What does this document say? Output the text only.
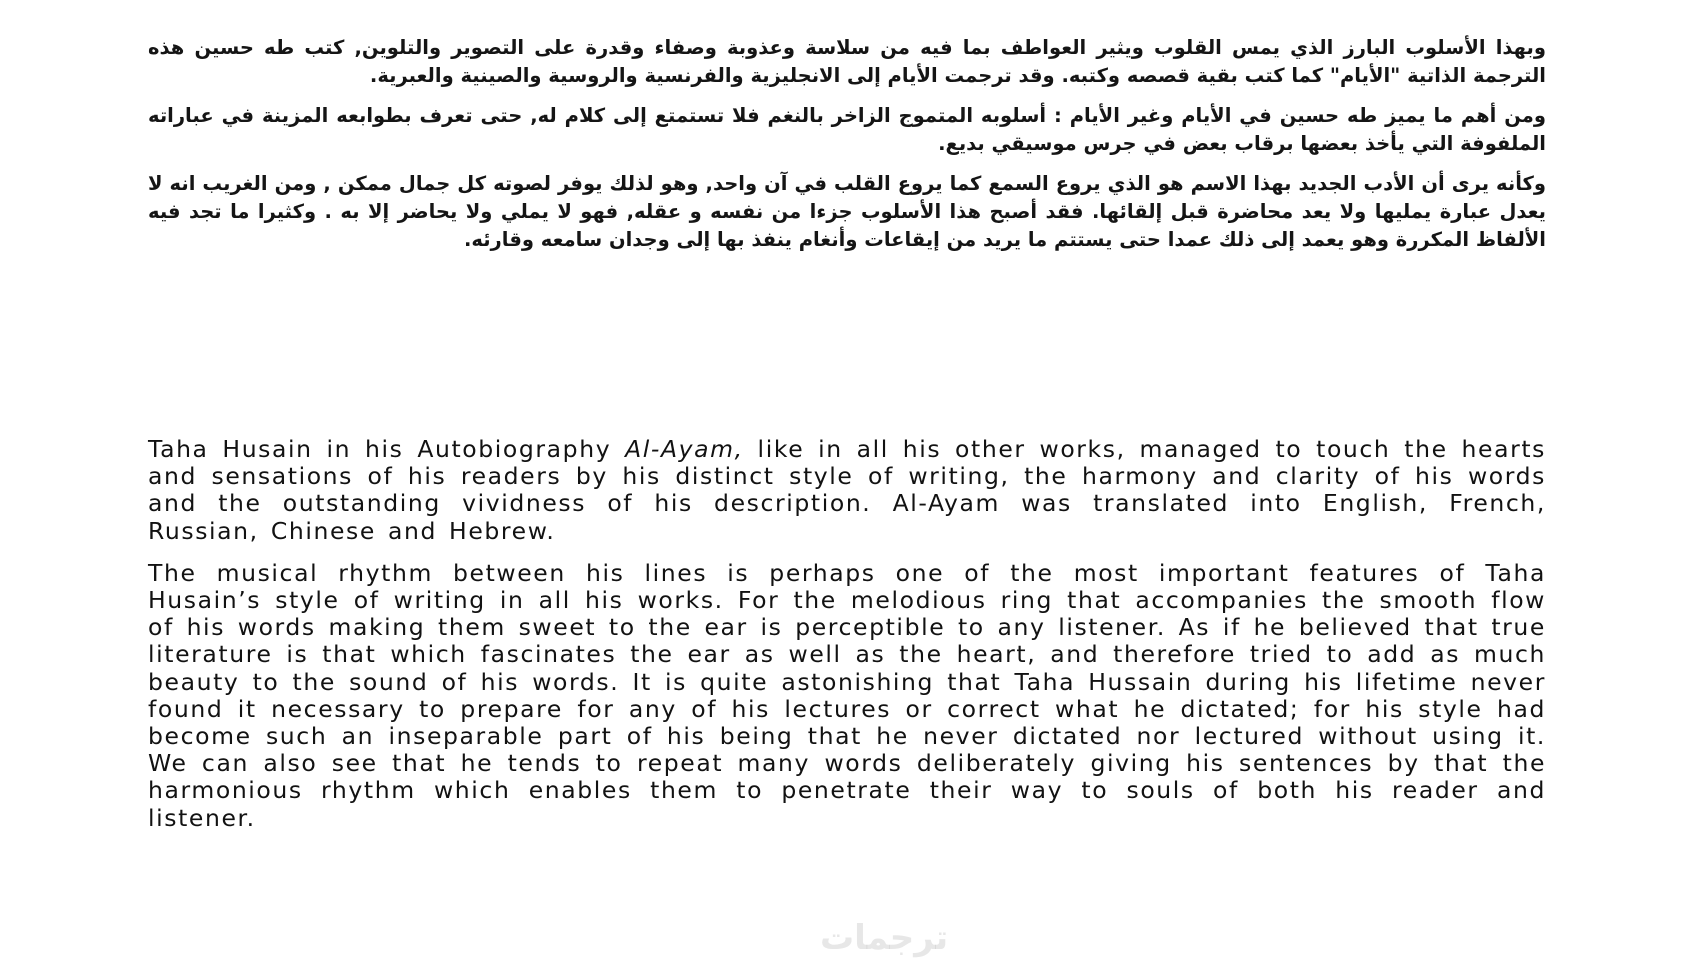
وبهذا الأسلوب البارز الذي يمس القلوب ويثير العواطف بما فيه من سلاسة وعذوبة وصفاء وقدرة على التصوير والتلوين, كتب طه حسين هذه الترجمة الذاتية "الأيام" كما كتب بقية قصصه وكتبه. وقد ترجمت الأيام إلى الانجليزية والفرنسية والروسية والصينية والعبرية.

ومن أهم ما يميز طه حسين في الأيام وغير الأيام : أسلوبه المتموج الزاخر بالنغم فلا تستمتع إلى كلام له, حتى تعرف بطوابعه المزينة في عباراته الملفوفة التي يأخذ بعضها برقاب بعض في جرس موسيقي بديع.

وكأنه يرى أن الأدب الجديد بهذا الاسم هو الذي يروع السمع كما يروع القلب في آن واحد, وهو لذلك يوفر لصوته كل جمال ممكن , ومن الغريب انه لا يعدل عبارة يمليها ولا يعد محاضرة قبل إلقائها. فقد أصبح هذا الأسلوب جزءا من نفسه و عقله, فهو لا يملي ولا يحاضر إلا به . وكثيرا ما تجد فيه الألفاظ المكررة وهو يعمد إلى ذلك عمدا حتى يستتم ما يريد من إيقاعات وأنغام ينفذ بها إلى وجدان سامعه وقارئه.

Taha Husain in his Autobiography Al-Ayam, like in all his other works, managed to touch the hearts and sensations of his readers by his distinct style of writing, the harmony and clarity of his words and the outstanding vividness of his description. Al-Ayam was translated into English, French, Russian, Chinese and Hebrew.

The musical rhythm between his lines is perhaps one of the most important features of Taha Husain’s style of writing in all his works. For the melodious ring that accompanies the smooth flow of his words making them sweet to the ear is perceptible to any listener. As if he believed that true literature is that which fascinates the ear as well as the heart, and therefore tried to add as much beauty to the sound of his words. It is quite astonishing that Taha Hussain during his lifetime never found it necessary to prepare for any of his lectures or correct what he dictated; for his style had become such an inseparable part of his being that he never dictated nor lectured without using it. We can also see that he tends to repeat many words deliberately giving his sentences by that the harmonious rhythm which enables them to penetrate their way to souls of both his reader and listener.

ترجمات
